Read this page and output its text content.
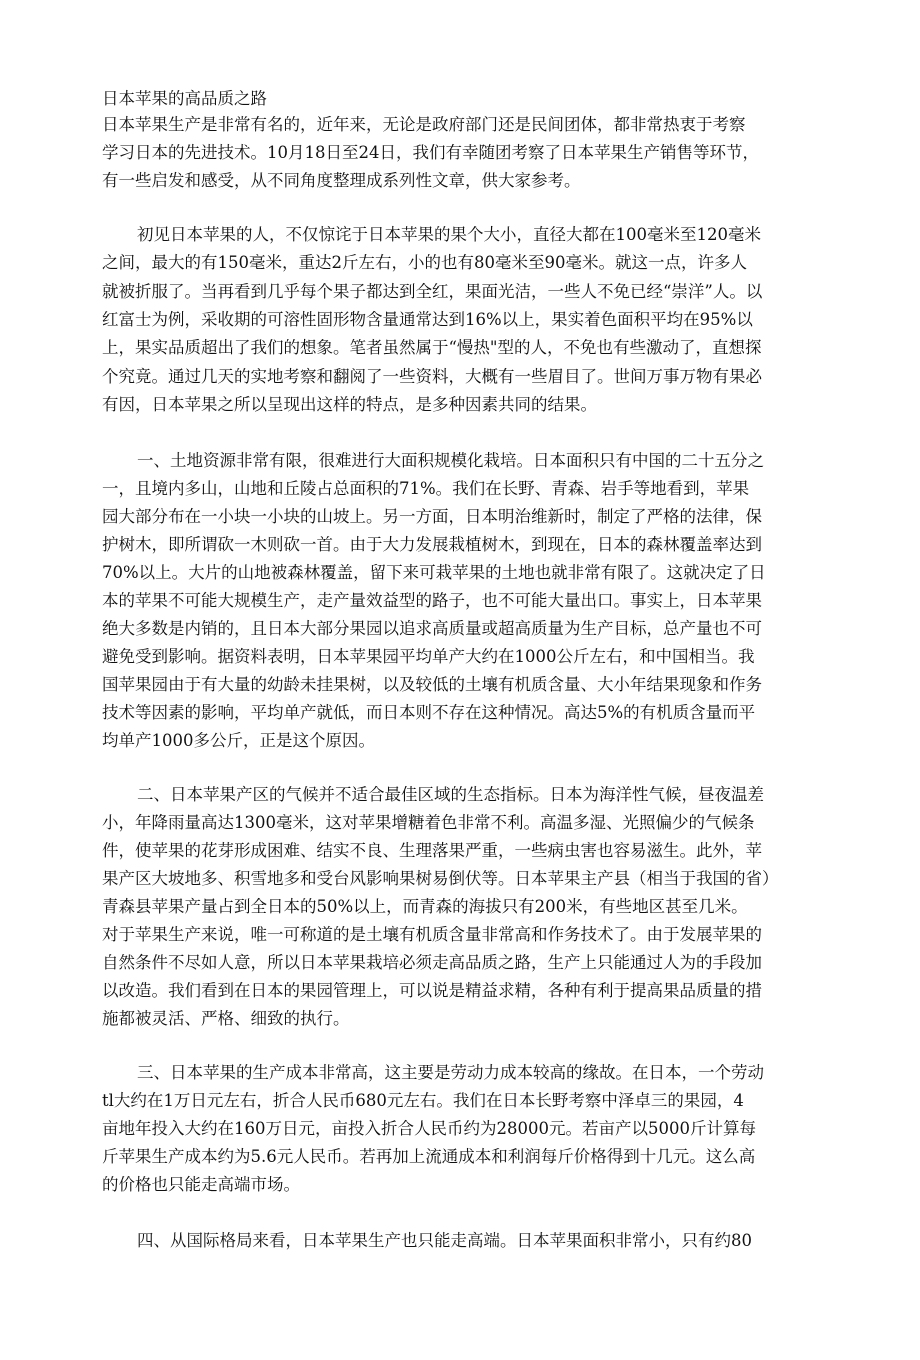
日本苹果的高品质之路
日本苹果生产是非常有名的，近年来，无论是政府部门还是民间团体，都非常热衷于考察
学习日本的先进技术。10月18日至24日，我们有幸随团考察了日本苹果生产销售等环节，
有一些启发和感受，从不同角度整理成系列性文章，供大家参考。
初见日本苹果的人，不仅惊诧于日本苹果的果个大小，直径大都在100毫米至120毫米
之间，最大的有150毫米，重达2斤左右，小的也有80毫米至90毫米。就这一点，许多人
就被折服了。当再看到几乎每个果子都达到全红，果面光洁，一些人不免已经“崇洋”人。以
红富士为例，采收期的可溶性固形物含量通常达到16%以上，果实着色面积平均在95%以
上，果实品质超出了我们的想象。笔者虽然属于“慢热"型的人，不免也有些激动了，直想探
个究竟。通过几天的实地考察和翻阅了一些资料，大概有一些眉目了。世间万事万物有果必
有因，日本苹果之所以呈现出这样的特点，是多种因素共同的结果。
一、土地资源非常有限，很难进行大面积规模化栽培。日本面积只有中国的二十五分之
一，且境内多山，山地和丘陵占总面积的71%。我们在长野、青森、岩手等地看到，苹果
园大部分布在一小块一小块的山坡上。另一方面，日本明治维新时，制定了严格的法律，保
护树木，即所谓砍一木则砍一首。由于大力发展栽植树木，到现在，日本的森林覆盖率达到
70%以上。大片的山地被森林覆盖，留下来可栽苹果的土地也就非常有限了。这就决定了日
本的苹果不可能大规模生产，走产量效益型的路子，也不可能大量出口。事实上，日本苹果
绝大多数是内销的，且日本大部分果园以追求高质量或超高质量为生产目标，总产量也不可
避免受到影响。据资料表明，日本苹果园平均单产大约在1000公斤左右，和中国相当。我
国苹果园由于有大量的幼龄未挂果树，以及较低的土壤有机质含量、大小年结果现象和作务
技术等因素的影响，平均单产就低，而日本则不存在这种情况。高达5%的有机质含量而平
均单产1000多公斤，正是这个原因。
二、日本苹果产区的气候并不适合最佳区域的生态指标。日本为海洋性气候，昼夜温差
小，年降雨量高达1300毫米，这对苹果增糖着色非常不利。高温多湿、光照偏少的气候条
件，使苹果的花芽形成困难、结实不良、生理落果严重，一些病虫害也容易滋生。此外，苹
果产区大坡地多、积雪地多和受台风影响果树易倒伏等。日本苹果主产县（相当于我国的省）
青森县苹果产量占到全日本的50%以上，而青森的海拔只有200米，有些地区甚至几米。
对于苹果生产来说，唯一可称道的是土壤有机质含量非常高和作务技术了。由于发展苹果的
自然条件不尽如人意，所以日本苹果栽培必须走高品质之路，生产上只能通过人为的手段加
以改造。我们看到在日本的果园管理上，可以说是精益求精，各种有利于提高果品质量的措
施都被灵活、严格、细致的执行。
三、日本苹果的生产成本非常高，这主要是劳动力成本较高的缘故。在日本，一个劳动
tl大约在1万日元左右，折合人民币680元左右。我们在日本长野考察中泽卓三的果园，4
亩地年投入大约在160万日元，亩投入折合人民币约为28000元。若亩产以5000斤计算每
斤苹果生产成本约为5.6元人民币。若再加上流通成本和利润每斤价格得到十几元。这么高
的价格也只能走高端市场。
四、从国际格局来看，日本苹果生产也只能走高端。日本苹果面积非常小，只有约80
